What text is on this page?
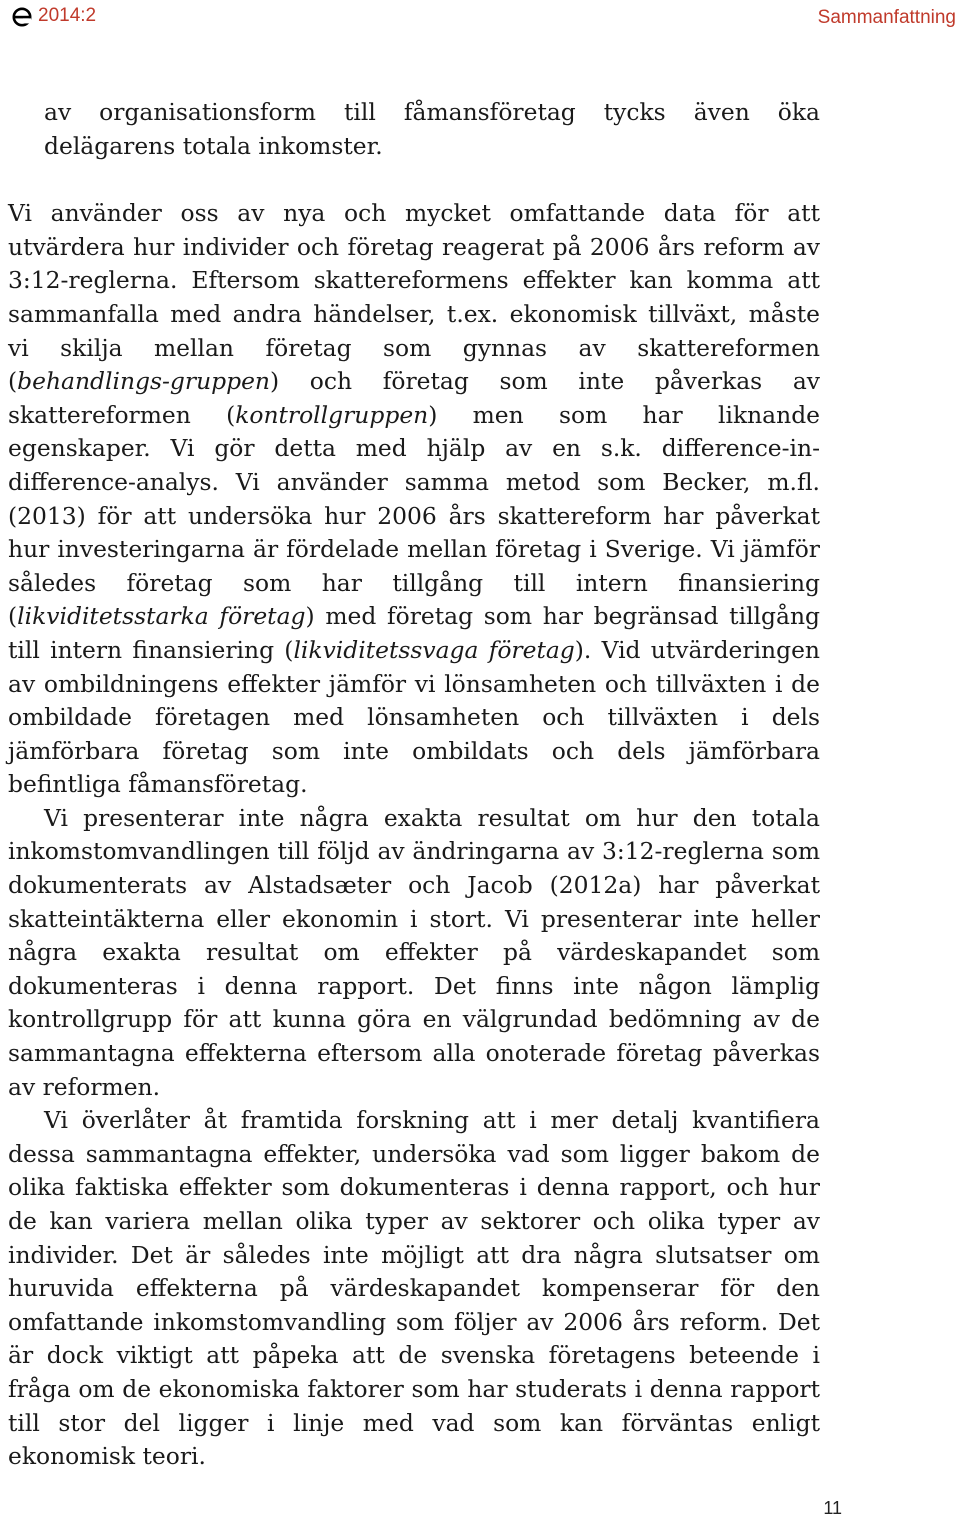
2014:2	Sammanfattning

av organisationsform till fåmansföretag tycks även öka delägarens totala inkomster.

Vi använder oss av nya och mycket omfattande data för att utvärdera hur individer och företag reagerat på 2006 års reform av 3:12-reglerna. Eftersom skattereformens effekter kan komma att sammanfalla med andra händelser, t.ex. ekonomisk tillväxt, måste vi skilja mellan företag som gynnas av skattereformen (behandlings-gruppen) och företag som inte påverkas av skattereformen (kontrollgruppen) men som har liknande egenskaper. Vi gör detta med hjälp av en s.k. difference-in-difference-analys. Vi använder samma metod som Becker, m.fl. (2013) för att undersöka hur 2006 års skattereform har påverkat hur investeringarna är fördelade mellan företag i Sverige. Vi jämför således företag som har tillgång till intern finansiering (likviditetsstarka företag) med företag som har begränsad tillgång till intern finansiering (likviditetssvaga företag). Vid utvärderingen av ombildningens effekter jämför vi lönsamheten och tillväxten i de ombildade företagen med lönsamheten och tillväxten i dels jämförbara företag som inte ombildats och dels jämförbara befintliga fåmansföretag.

Vi presenterar inte några exakta resultat om hur den totala inkomstomvandlingen till följd av ändringarna av 3:12-reglerna som dokumenterats av Alstadsæter och Jacob (2012a) har påverkat skatteintäkterna eller ekonomin i stort. Vi presenterar inte heller några exakta resultat om effekter på värdeskapandet som dokumenteras i denna rapport. Det finns inte någon lämplig kontrollgrupp för att kunna göra en välgrundad bedömning av de sammantagna effekterna eftersom alla onoterade företag påverkas av reformen.

Vi överlåter åt framtida forskning att i mer detalj kvantifiera dessa sammantagna effekter, undersöka vad som ligger bakom de olika faktiska effekter som dokumenteras i denna rapport, och hur de kan variera mellan olika typer av sektorer och olika typer av individer. Det är således inte möjligt att dra några slutsatser om huruvida effekterna på värdeskapandet kompenserar för den omfattande inkomstomvandling som följer av 2006 års reform. Det är dock viktigt att påpeka att de svenska företagens beteende i fråga om de ekonomiska faktorer som har studerats i denna rapport till stor del ligger i linje med vad som kan förväntas enligt ekonomisk teori.

11
